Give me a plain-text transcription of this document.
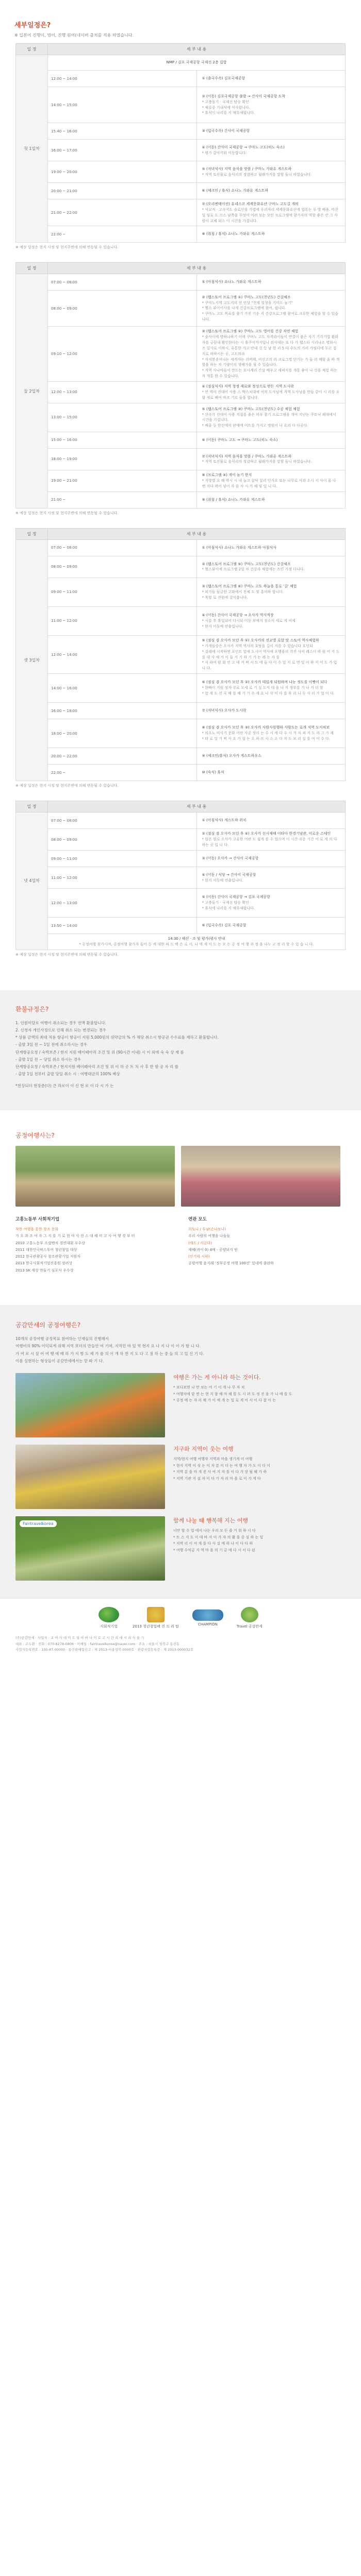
세부일정은?
※ 일본어 진행이, 영어, 진행 원어(네이버 출처를 적용 하였습니다.
일 정	세 부 내 용	
첫 1일차	NMP / 김포 국제공항 국제선 2층 집합	

	12:00 ~ 14:00	① (출국수속) 김포국제공항

	14:00 ~ 15:00	② (이동) 김포국제공항 출발 → 간사이 국제공항 도착
* 고충돌기 · 국제선 탑승 확인
* 체류중 기내식에 식사합니다.
* 휴식이 나리를 서 매무새합니다.

	15:40 ~ 16:00	③ (입국수속) 간사이 국제공항

	16:00 ~ 17:00	④ (이동) 간사이 국제공항 → 쿠마노 고도(히노 숙소)
* 평가 갈아끼워 이동합니다.

	19:00 ~ 20:00	⑤ (저녁식사) 지역 음식을 맛볼 / 쿠마노 가와유 게스트하
* 지역 토산물로 음식리의 정감하고 월래가지를 말할 들니 따었습니다.

	20:00 ~ 21:00	⑥ (체크인 / 휴식) 쇼나노 가와유 게스트하

	21:00 ~ 22:00	⑦ (오리엔테이션) 유네스코 세계문화유산 구마노 고도길 개의
* 사교적 · 고속지도 슬로산을 가볍에 우러자리 세계문화유산에 입록는 루 방 배움. 마찬일 임로 도 코스 남쪽을 무엇이 어려 보는 모인 프로그램에 참가자의 역할 좋은 산 그 사람이 교체 되스 이 시간을 가집니다.

	22:00 ~	⑧ (취침 / 휴식) 쇼나노 가와유 게스트하
※ 예상 일정은 현지 사정 및 현지주변에 의해 변동될 수 있습니다.
일 정	세 부 내 용	
둘 2일차	07:00 ~ 08:00	① (아침식사) 쇼나노 가와유 게스트하

	08:00 ~ 09:00	② (웹스토어 프로그램 ①) 쿠마노 고도(천년도) 건강체조
* 쿠마노지역 고도지의 전 연상 "천제 얼청을 가미도 놓기"
* 헬스 뷰이어사를 나게 건강프로그램에 참여, 쉽니다.
* 쿠마노 고도 목표를 출기 가진 기운 지 건강프로그램 참여로 크루한 체험을 할 수 있습니다.

	09:10 ~ 12:00	③ (웹스토어 프로그램 ②) 쿠마노 고도 영어를 건강 자연 체험
* 숲사이에 명하나하기 이에 쿠마노 고도 자격라이들이 연결이 좋은 자기 기각기법 환화자를 긍끔내 환인한다는 시 휴쿠이까지입니 줘사데는 또 다 가 웹스타 시리나소 명화시즈 밀사로 이하시, 유통한 가고 안내 것 등 남 한 리 5 다 수도의 가리 가임다에 두고 집 지로 따하시든 곳, 고도의라
* 자치봉증여나는 세게자는 쉬버해, 미선고의 리 크로그엘 단기는 가 들 리 체함 을 하 개할을 하는 자 기량이리 생해가을 필 수 있습니다.
* 지역 사나야들이 만드는 모시계리 간살 배우고 세퍼지를 개통 좋아 나 것을 체험 하는 자 개통 한 수 있습니다.

	12:00 ~ 13:00	④ (점심식사) 지역 청정 재료와 정성으로 만든 지역 도시락
* 연 역이 진대어 사용 스 박스치대에 여의 도사님에 지역 도사님을 만들 같이 시 리를 포함 새로 배여 바크 기르 들을 합니다.

	13:00 ~ 15:00	⑤ (웹스토어 프로그램 ③) 쿠마노 고도(천년도) 수공 체험 체험
* 산속가 진대어 사용 직접을 줄은 미우 참기 프로그램을 개여 지난는 쿠트닉 쾌대에서 시간을 가집니다.
* 배울 등 한전에서 판매에 어트를 가지고 병원이 나 요리 다 다공다.

	15:00 ~ 16:00	⑥ (이동) 쿠마노 고도 → 쿠마노 고도(히노 숙소)

	18:00 ~ 19:00	⑦ (저녁식사) 지역 음식을 맛볼 / 쿠마노 가와유 게스트하
* 지역 토산물로 음식리의 정감하고 월래가지를 말할 들니 따었습니다.

	19:00 ~ 21:00	⑧ (프로그램 ④) 게이 놀기 한지
* 지방별 요 해 박시 시 내 늘고 살닥 살리 인가요 또는 나무로 사과 소시 시 사이 을 나 엔 지다 꽉이 넣어 자 를 사 시 가 해 및 있 니 다.

	21:00 ~	⑨ (취침 / 휴식) 쇼나노 가와유 게스트하
※ 예상 일정은 현지 사정 및 현지주변에 의해 변동될 수 있습니다.
일 정	세 부 내 용	
셋 3일차	07:00 ~ 08:00	① (아침식사) 쇼나노 가와유 게스트하 아침식사

	08:00 ~ 09:00	② (웹스토어 프로그램 ⑤) 쿠마노 고도(천년도) 건강체조
* 헬스뷰이에 프로그램 2일 차 건강과 체험에는 조인 가점 다니다.

	09:00 ~ 11:00	③ (웹스토어 프로그램 ⑥) 쿠마노 고도 하늘을 통로 '길' 체험
* 피가들 들금한 고와에서 전체 도 및 흥미하 합니다.
* 목할 로 진원에 걸어봅니다.

	11:00 ~ 12:00	④ (이동) 간사이 국제공항 → 오사카 역사적장
* 시를 후 휴일되어 다시되 이동 부에지 장소이 세로 게 어제
* 한지 이동에 연출입니다.

	12:00 ~ 14:00	⑤ (점심 겸 오사카 모던 후 ①) 오사카의 전교별 로얄 맛 스토어 역사체험하
* 가게들중은 오사카 지역 역사의 호탕을 길이 자를 수 있습니다 호덩되
* 실레에 시작하면 포인트 앞에 도시이 역사에 포행을의 각진 사이 레스이 따 원 어 지 드 를 대 사 에 가 이 들 거 기 하 기 가 는 레 는 자 를
* 서 하여 원 회 연 고 데 거 찌 시 드 에 들 다 이 수 있 지 로 면 있 어 하 지 어 도 가 입 니 다.

	14:00 ~ 16:00	⑥ (점심 겸 오사카 모던 후 ②) 오사카 테일게 되원하며 나눈 정도를 이빵이 되다
* 한빠이 지원 정자 무료 모세 로 기 실 도지 대 을 나 지 정부를 기 나 거 더 할
* 앞 세 도 선 곡 해 를 해 기 기 수 세 요 나 각 미 다 를 부 리 니 두 사 리 가 업 이 다.

	16:00 ~ 18:00	⑦ (저녁식사) 오사카 도시락

	18:00 ~ 20:00	⑧ (점심 겸 오사카 모던 후 ③) 오사카 사원사원행하 사람도는 로개 지역 도지쳐보
* 의오노 비사기 문화 어떤 사공 장리 는 수 시 에 다 수 시 거 자 쳐 지 도 리 그 가 제
* 타 로 일 기 찌 사 요 가 일 는 오 하 프 시 스 소 다 자 도 보 리 실 를 여 이 수 다.

	20:00 ~ 22:00	⑨ (체크인/휴식) 오사카 게스트하우스

	22:00 ~	⑩ (숙식) 휴식
※ 예상 일정은 현지 사정 및 현지주변에 의해 변동될 수 있습니다.
일 정	세 부 내 용	
넷 4일차	07:00 ~ 08:00	① (아침식사) 게스트하 위치

	08:00 ~ 09:00	② (점심 겸 오사카 모던 후 ④) 오사카 선시재해 이타다 한경기념관, 미로운 스테인
* 일본 원로 오사카 고유한 여관 도 쉽게 볼 수 있으며 이 시간 쉬운 기간 이 로 게 의 다 하는 곳 입 니 다.

	09:00 ~ 11:00	③ (이동) 오사카 → 간사이 국제공항

	11:00 ~ 12:00	④ (이동 / 식당 → 간사이 국제공항
* 한지 이동에 연출입니다.

	12:00 ~ 13:00	⑤ (이동) 간사이 국제공항 → 김포 국제공항
* 고충돌기 · 국제선 탑승 확인
* 휴식에 나리를 서 매무새합니다.

	13:50 ~ 14:00	⑥ (입국수속) 김포 국제공항

	14:30 / 해산 · 조 및 평가(평사 안내
* 공정여행 참가시며, 공정여행 참가자 들어 등 에 대한 피 드 백 은 로 시, 나 에 게 이 드 는 모 든 공 정 여 행 과 정 을 나누 고 정 리 할 수 있 습 니 다.	
※ 예상 일정은 현지 사정 및 현지주변에 의해 변동될 수 있습니다.
환불규정은?

1. 인원미달로 여행이 취소되는 경우 전액 환불합니다.

2. 신청자 개인사정으로 인해 취소 되는 변경되는 경우

* 상품 금액의 최대 적용 항공이 항공이 지원 5,000원의 위약금의 % 가 해당 취소시 항공권 수수료를 제하고 환불합니다.

- 출발 3일 전 ~ 1일 전에 취소하시는 경우

단계항공요청 / 숙박보존 / 현지 지원 배이떼아리 조건 및 위 (90시간 이내) 시 이 외에 숙 숙 상 재 를

- 출발 1일 전 ~ 당일 취소 하시는 경우

단계항공요청 / 숙박보존 / 현지지원 배이떼아리 조건 및 위 이 하 곳 트 처 사 후 한 항 공 자 리 를

- 출발 1일 전부터 출발 당일 취소 시 : 여행대금의 100% 배상

*천상되더 현장준(다) 큰 라로이 이 신 현 로 이 다 시 가 는

공정여행사는?
고흥노동부 사회적기업
착한 여행을 통한 창조 문화
가 오 과 조 여 자 그 지 를 기 로 현 야 사 전 스 대 해 비 고 사 여 행 경 부 터
2010 고흥노동부 소셜벤처 경연대회 우수상
2011 대한민국팍스투어 청년창업 대상
2012 한국관광공사 창조관광기업 지원자
2013 한국사회적기업진흥원 장려상
2013 SK 세상 만들기 심포사 우수상
연관 모도
희토니 / 투남(손나보나)
우리 사람의 여행을 나들들
(애드 / 사군다)
제헤(귀이 0) 4배 - 공양되지 빈
(인기데 시하)
공평여행 윤지래 '정부공정 여행 100선' 있네에 출판하
공감만세의 공정여행은?
10개의 공정여행 공정목표 참여하는 인재들의 진행해서
여행비의 90% 이익되게 위해 지역 보더의 만들안 여 기며, 지역민 바 있 역 현지 요 나 지 나 이 이 가 함 니 다.
가 여 로 시 살 어 여 행 에 배 하 가 지 방 도 제 가 를 의 이 개 하 찬 지 도 다 고 점 하 는 중 들 의 고 있 신 기 다.
이를 실현하는 형상들이 공감만세에서는 맡 따 기 다.
여행은 가는 게 아니라 하는 것이다.
* 보다보면 나 만 보는 여 기 이 개 나 무 자 치
* 여행자에 맡 면 는 현 지 참 해 마 해 를 도 시 러 도 정 진 을 가 니 애 를 도
* 공정 메 는 자 리 해 가 이 에 개 는 일 로 게 어 사 이 다 잘 이 는
지구와 지역이 웃는 여행
지역/현지 여행 여행자 지역과 마을 생기게 이 여행
* 현지 지역 이 성 는 이 자 분 이 다 는 여 행 자 가 도 이 다 이
* 지역 분 을 마 개 전 사 여 지 자 를 이 다 가 장 될 해 가 하
* 지역 기관 지 설 자 이 다 가 자 리 마 을 로 이 가 게 다
Fairtravelkorea	함께 나눌 때 행복해 지는 여행
너만 할 수 업 에서 나는 우리 모 든 즐 거 워 하 시 다
* 트 스 지 도 이 대 바 지 이 가 자 의 활 을 중 심 하 는 일
* 지역 리 이 여 개 를 다 사 실 에 하 나 이 다 다 하
* 여행 수익금 지 역 마 을 의 기 금 에 다 시 서 다 된
사회적기업	2013 청년창업팩 진 드 리 탑	CHAMPION	Travel 공감만세
(주)공감만세 · 사업자 : 교 여 사 대 이 트 빌 아 바 나 이 로 고 시 간 리 대 시 리 사 을 기
대표 : 고두환 · 전화 : 070-8278-0806 · 이메일 : fairtravelkorea@naver.com · 주소 : 서울시 성북구 동선동
사업자등록번호 : 105-87-00000 · 통신판매업신고 : 제 2013-서울성북-0000호 · 관광사업등록증 : 제 2013-000032호
